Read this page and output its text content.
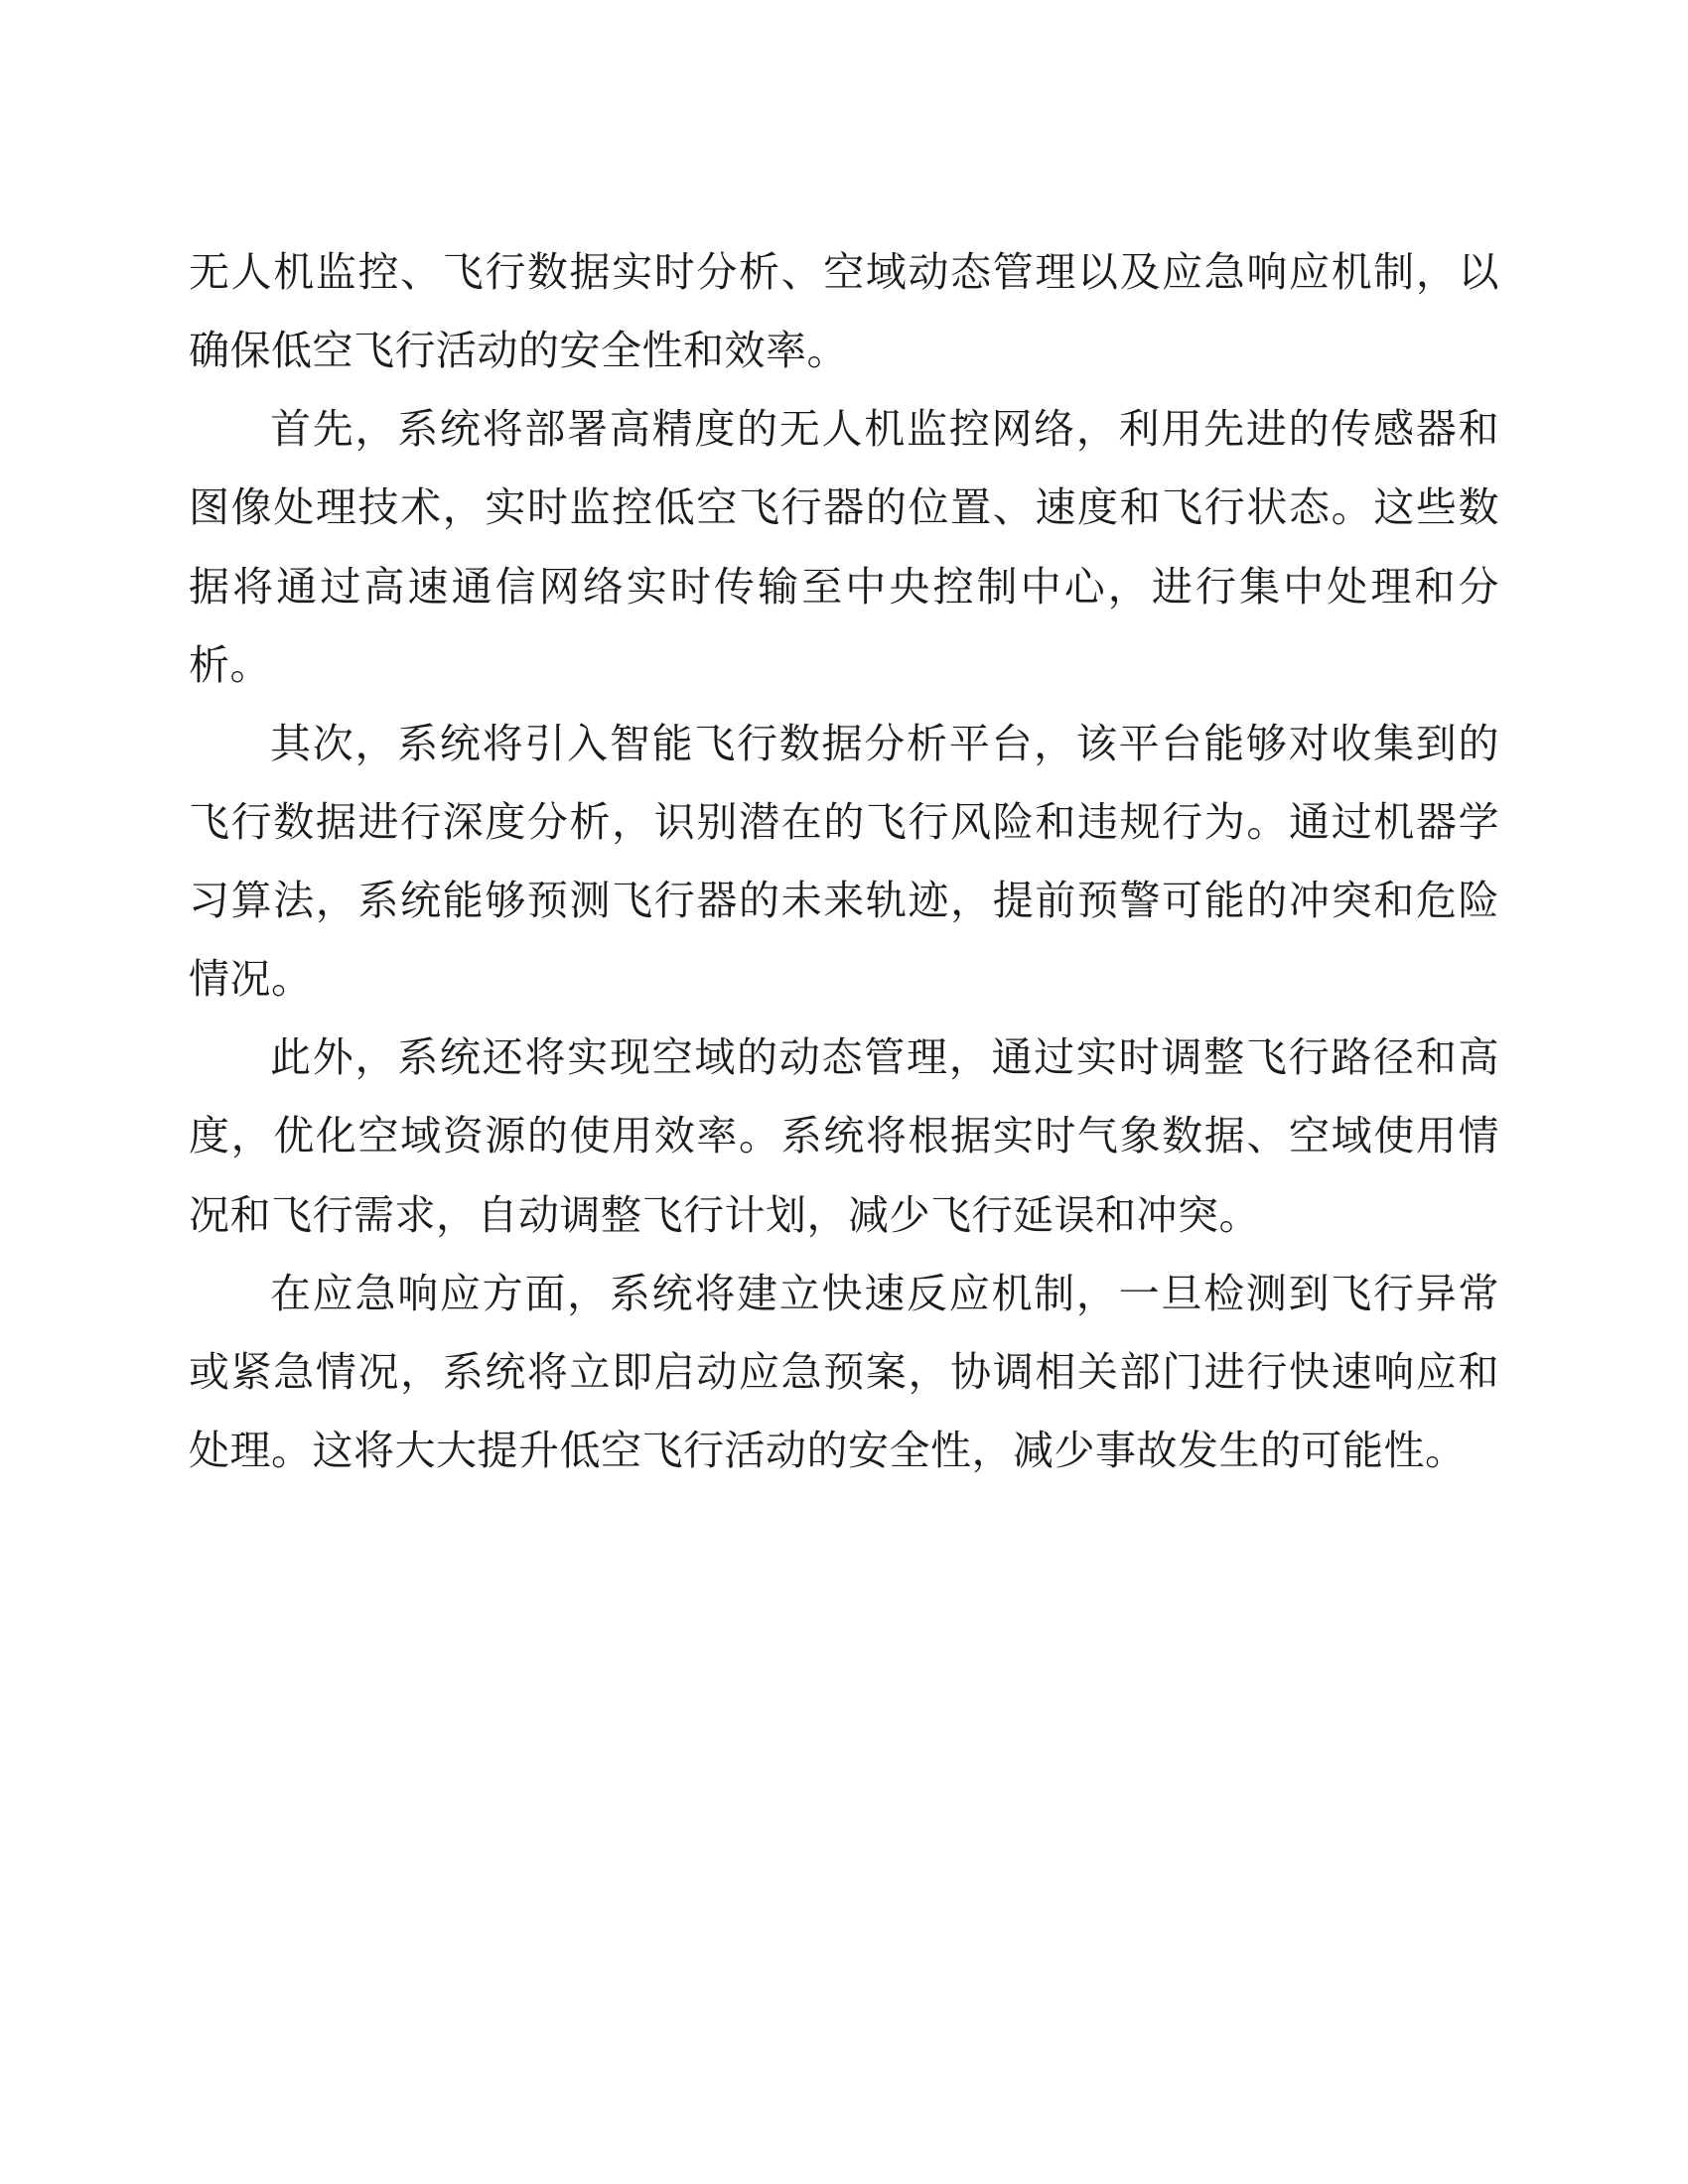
无人机监控、飞行数据实时分析、空域动态管理以及应急响应机制，以确保低空飞行活动的安全性和效率。

首先，系统将部署高精度的无人机监控网络，利用先进的传感器和图像处理技术，实时监控低空飞行器的位置、速度和飞行状态。这些数据将通过高速通信网络实时传输至中央控制中心，进行集中处理和分析。

其次，系统将引入智能飞行数据分析平台，该平台能够对收集到的飞行数据进行深度分析，识别潜在的飞行风险和违规行为。通过机器学习算法，系统能够预测飞行器的未来轨迹，提前预警可能的冲突和危险情况。

此外，系统还将实现空域的动态管理，通过实时调整飞行路径和高度，优化空域资源的使用效率。系统将根据实时气象数据、空域使用情况和飞行需求，自动调整飞行计划，减少飞行延误和冲突。

在应急响应方面，系统将建立快速反应机制，一旦检测到飞行异常或紧急情况，系统将立即启动应急预案，协调相关部门进行快速响应和处理。这将大大提升低空飞行活动的安全性，减少事故发生的可能性。
